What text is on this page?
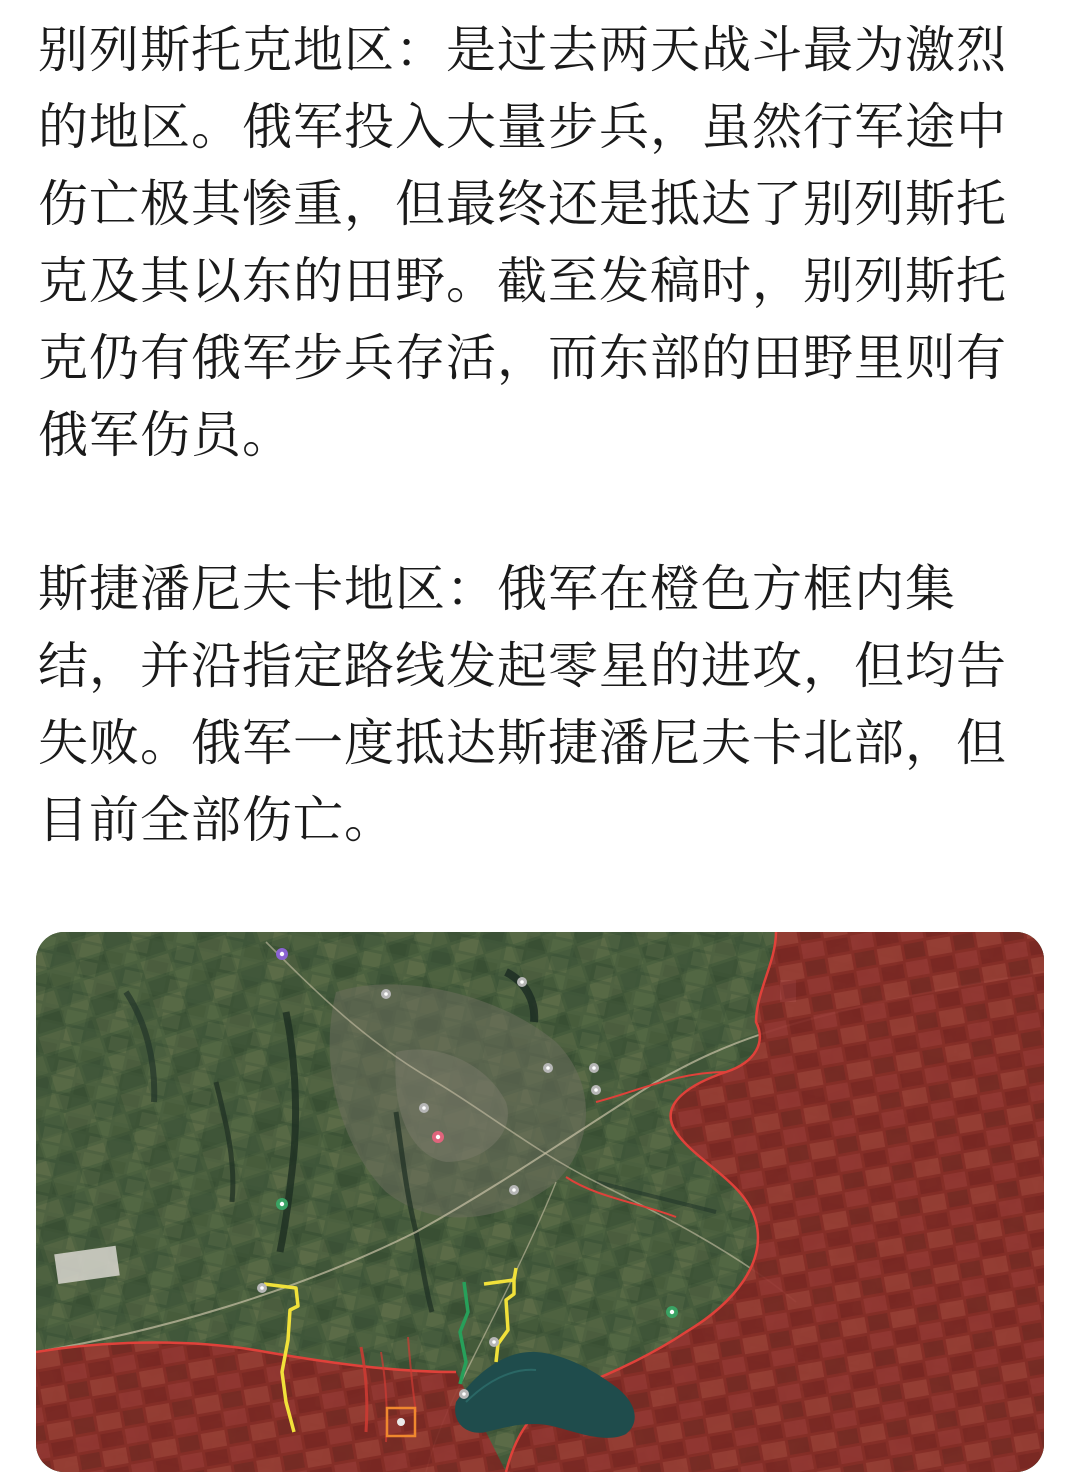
别列斯托克地区：是过去两天战斗最为激烈的地区。俄军投入大量步兵，虽然行军途中伤亡极其惨重，但最终还是抵达了别列斯托克及其以东的田野。截至发稿时，别列斯托克仍有俄军步兵存活，而东部的田野里则有俄军伤员。

斯捷潘尼夫卡地区：俄军在橙色方框内集结，并沿指定路线发起零星的进攻，但均告失败。俄军一度抵达斯捷潘尼夫卡北部，但目前全部伤亡。
